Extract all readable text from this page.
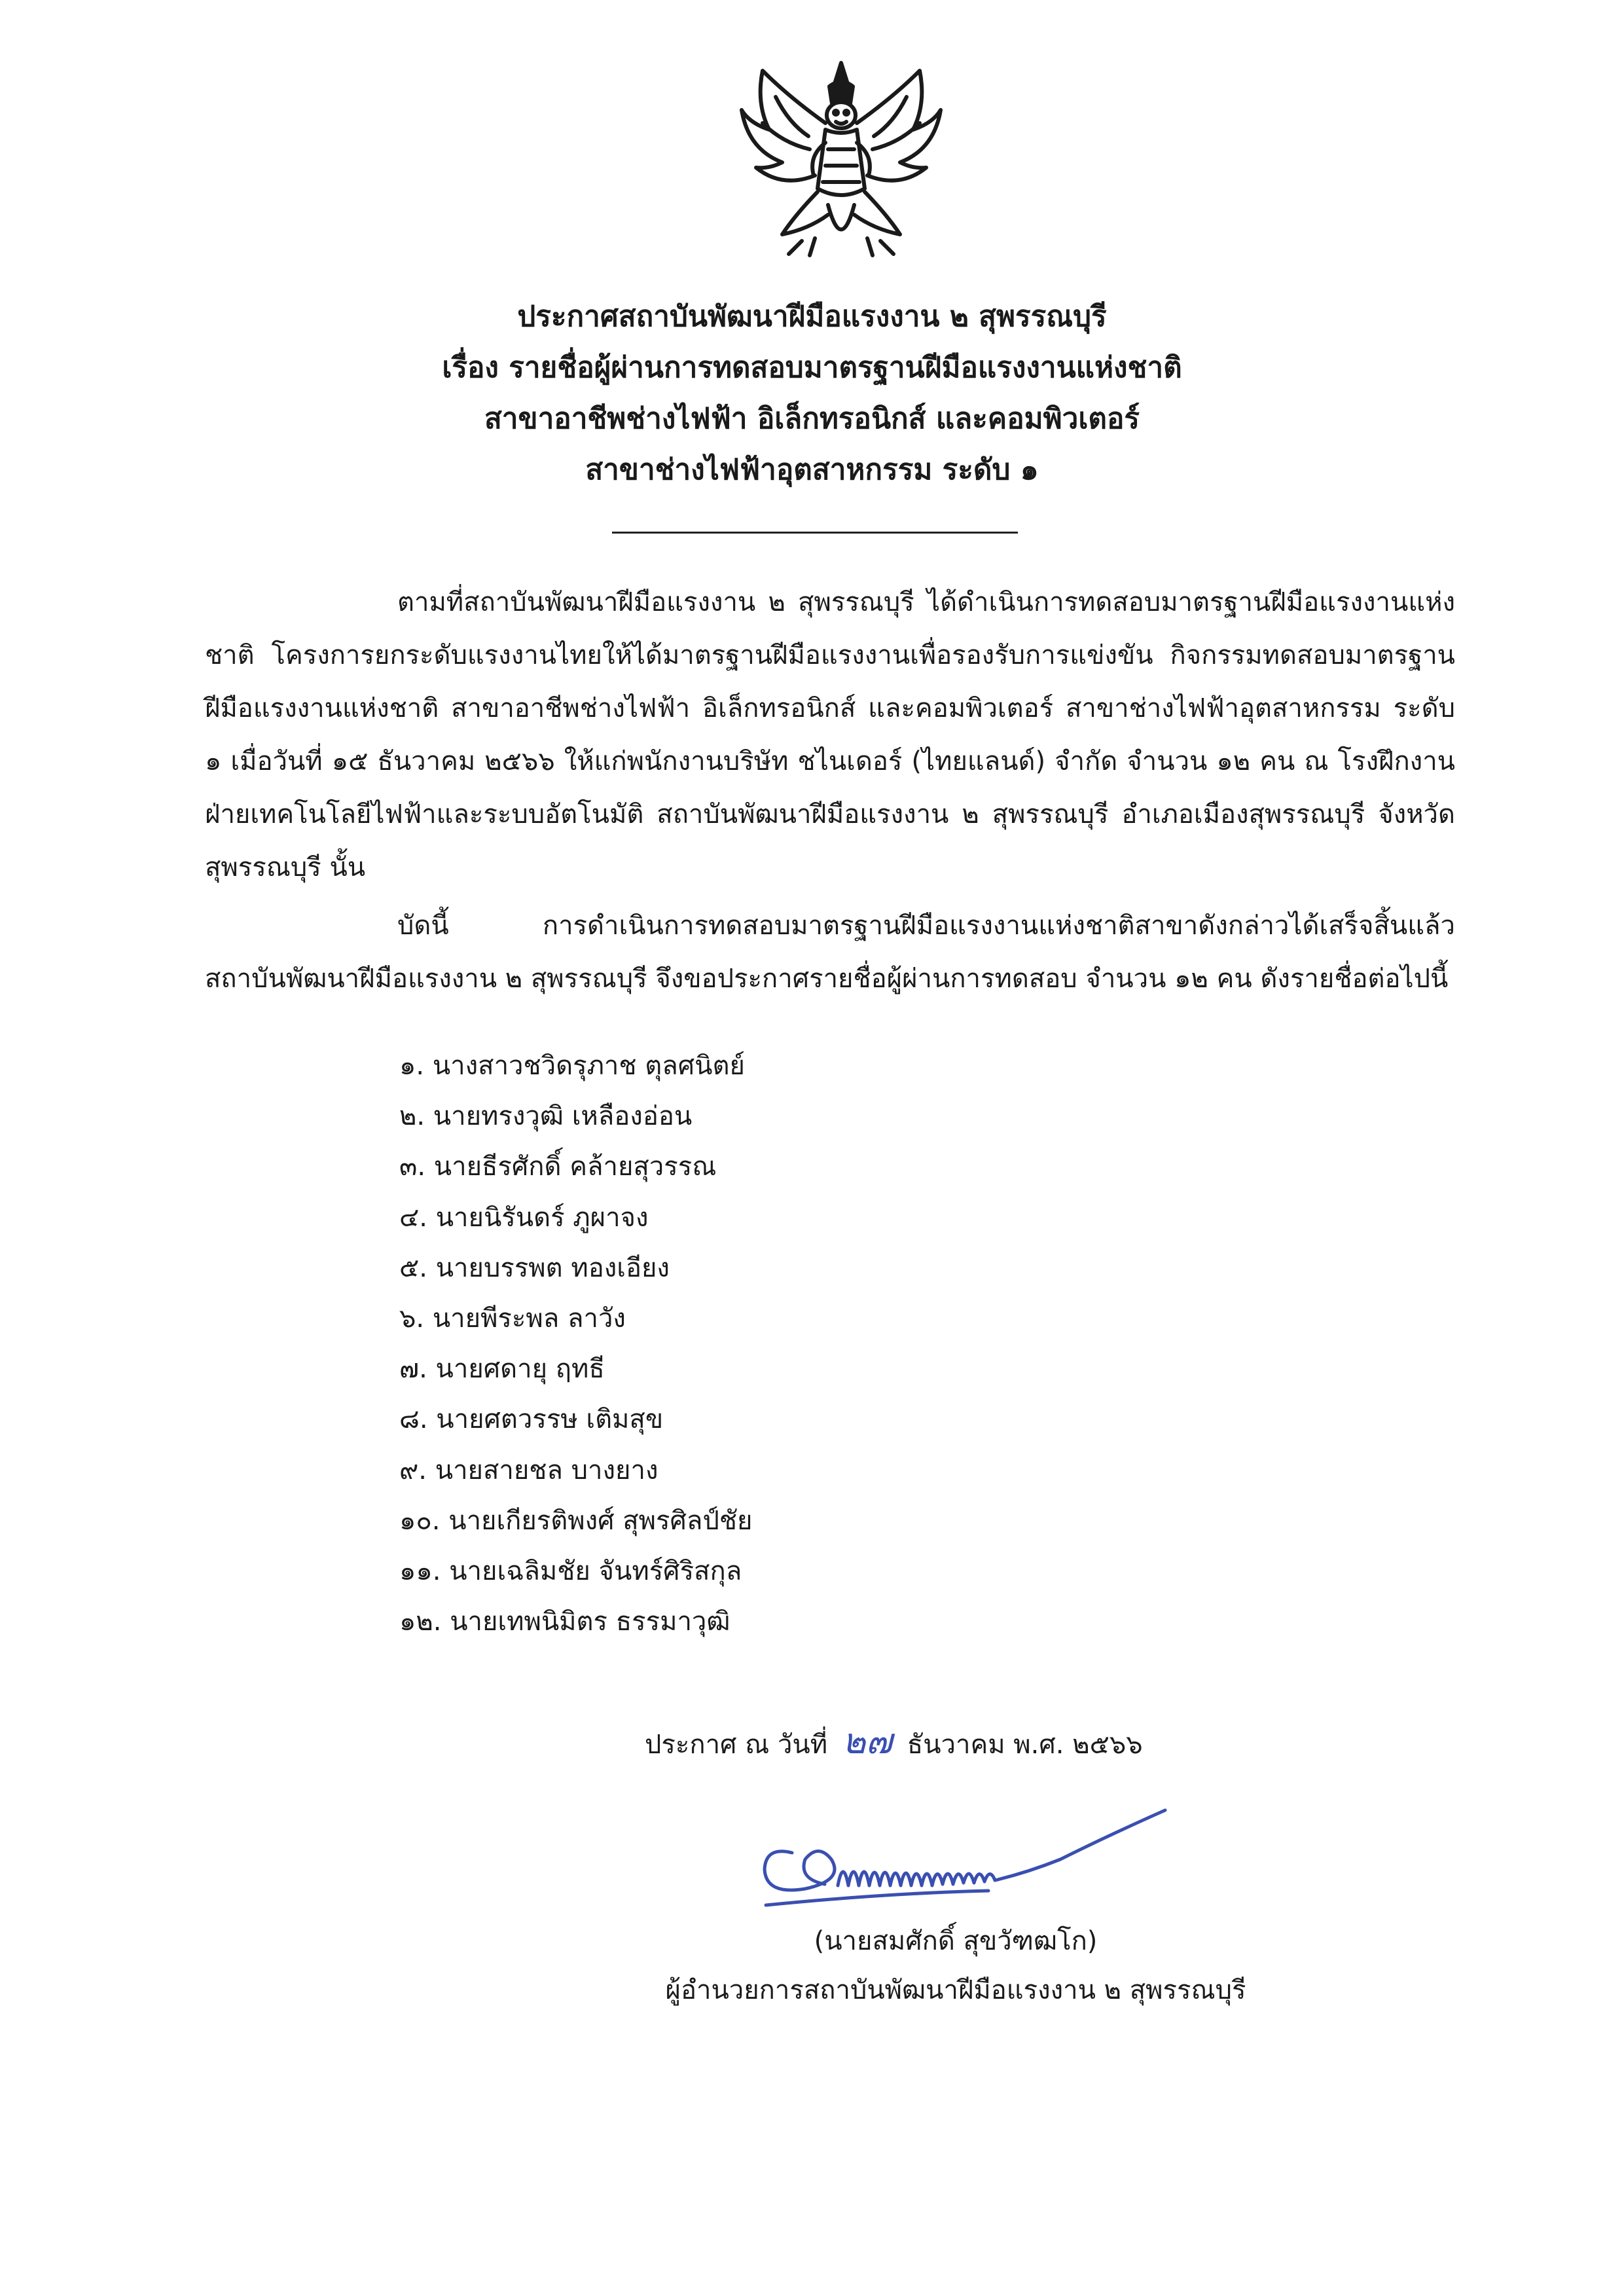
ประกาศสถาบันพัฒนาฝีมือแรงงาน ๒ สุพรรณบุรี
เรื่อง รายชื่อผู้ผ่านการทดสอบมาตรฐานฝีมือแรงงานแห่งชาติ
สาขาอาชีพช่างไฟฟ้า อิเล็กทรอนิกส์ และคอมพิวเตอร์
สาขาช่างไฟฟ้าอุตสาหกรรม ระดับ ๑

ตามที่สถาบันพัฒนาฝีมือแรงงาน ๒ สุพรรณบุรี ได้ดำเนินการทดสอบมาตรฐานฝีมือแรงงานแห่งชาติ โครงการยกระดับแรงงานไทยให้ได้มาตรฐานฝีมือแรงงานเพื่อรองรับการแข่งขัน กิจกรรมทดสอบมาตรฐานฝีมือแรงงานแห่งชาติ สาขาอาชีพช่างไฟฟ้า อิเล็กทรอนิกส์ และคอมพิวเตอร์ สาขาช่างไฟฟ้าอุตสาหกรรม ระดับ ๑ เมื่อวันที่ ๑๕ ธันวาคม ๒๕๖๖ ให้แก่พนักงานบริษัท ชไนเดอร์ (ไทยแลนด์) จำกัด จำนวน ๑๒ คน ณ โรงฝึกงานฝ่ายเทคโนโลยีไฟฟ้าและระบบอัตโนมัติ สถาบันพัฒนาฝีมือแรงงาน ๒ สุพรรณบุรี อำเภอเมืองสุพรรณบุรี จังหวัดสุพรรณบุรี นั้น

บัดนี้ การดำเนินการทดสอบมาตรฐานฝีมือแรงงานแห่งชาติสาขาดังกล่าวได้เสร็จสิ้นแล้ว สถาบันพัฒนาฝีมือแรงงาน ๒ สุพรรณบุรี จึงขอประกาศรายชื่อผู้ผ่านการทดสอบ จำนวน ๑๒ คน ดังรายชื่อต่อไปนี้

๑. นางสาวชวิดรุภาช ตุลศนิตย์
๒. นายทรงวุฒิ เหลืองอ่อน
๓. นายธีรศักดิ์ คล้ายสุวรรณ
๔. นายนิรันดร์ ภูผาจง
๕. นายบรรพต ทองเอียง
๖. นายพีระพล ลาวัง
๗. นายศดายุ ฤทธี
๘. นายศตวรรษ เติมสุข
๙. นายสายชล บางยาง
๑๐. นายเกียรติพงศ์ สุพรศิลป์ชัย
๑๑. นายเฉลิมชัย จันทร์ศิริสกุล
๑๒. นายเทพนิมิตร ธรรมาวุฒิ
ประกาศ ณ วันที่ ๒๗ ธันวาคม พ.ศ. ๒๕๖๖
(นายสมศักดิ์ สุขวัฑฒโก)
ผู้อำนวยการสถาบันพัฒนาฝีมือแรงงาน ๒ สุพรรณบุรี
